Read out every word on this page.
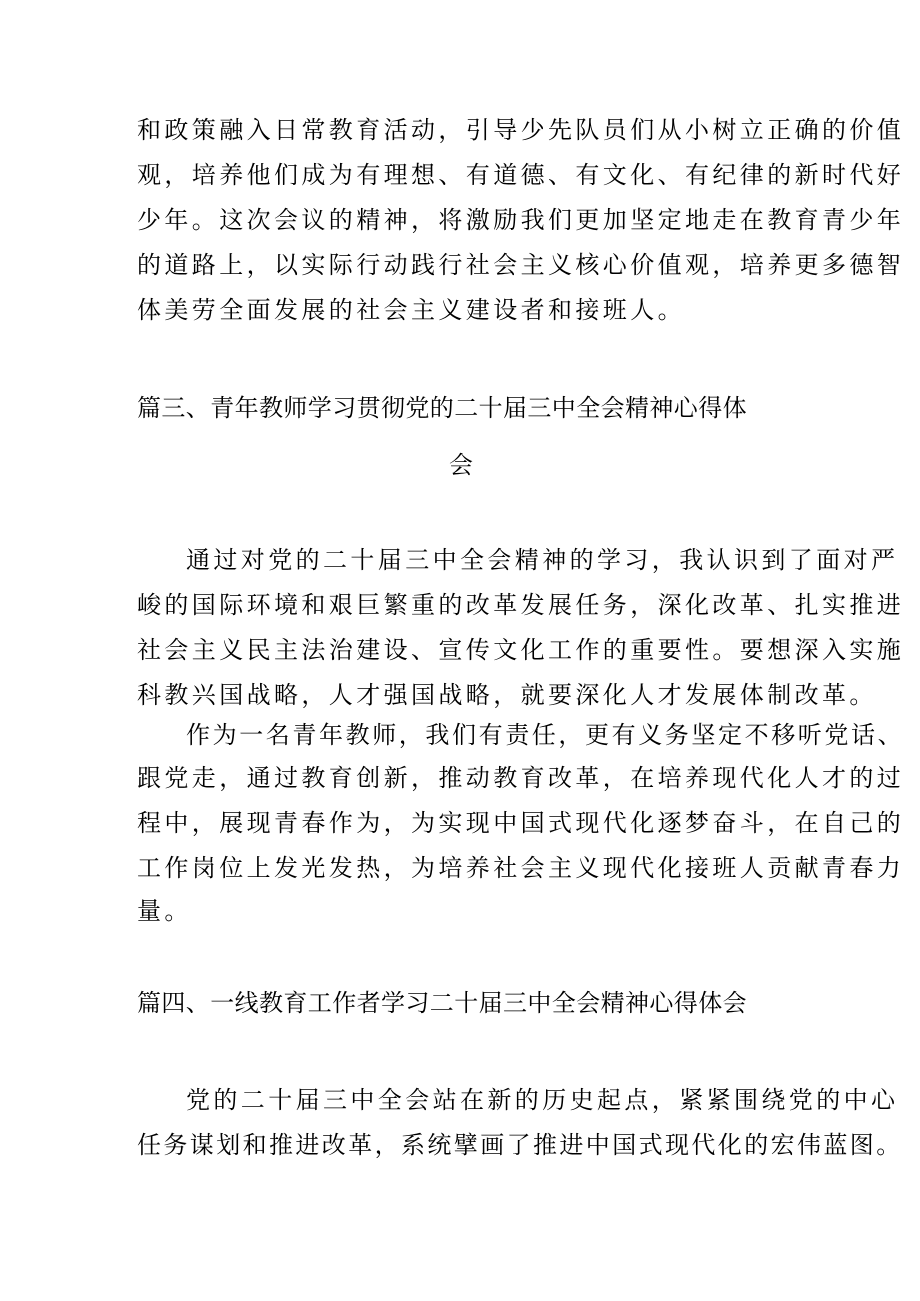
和政策融入日常教育活动，引导少先队员们从小树立正确的价值
观，培养他们成为有理想、有道德、有文化、有纪律的新时代好
少年。这次会议的精神，将激励我们更加坚定地走在教育青少年
的道路上，以实际行动践行社会主义核心价值观，培养更多德智
体美劳全面发展的社会主义建设者和接班人。
篇三、青年教师学习贯彻党的二十届三中全会精神心得体
会
通过对党的二十届三中全会精神的学习，我认识到了面对严
峻的国际环境和艰巨繁重的改革发展任务，深化改革、扎实推进
社会主义民主法治建设、宣传文化工作的重要性。要想深入实施
科教兴国战略，人才强国战略，就要深化人才发展体制改革。
作为一名青年教师，我们有责任，更有义务坚定不移听党话、
跟党走，通过教育创新，推动教育改革，在培养现代化人才的过
程中，展现青春作为，为实现中国式现代化逐梦奋斗，在自己的
工作岗位上发光发热，为培养社会主义现代化接班人贡献青春力
量。
篇四、一线教育工作者学习二十届三中全会精神心得体会
党的二十届三中全会站在新的历史起点，紧紧围绕党的中心
任务谋划和推进改革，系统擘画了推进中国式现代化的宏伟蓝图。
